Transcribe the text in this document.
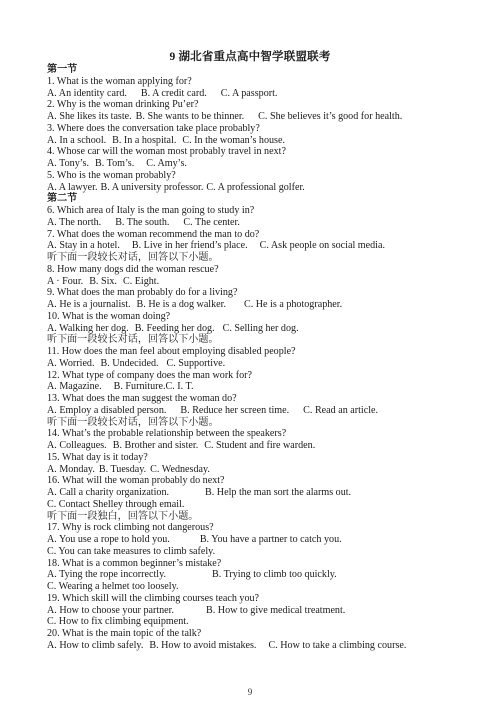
9 湖北省重点高中智学联盟联考
第一节
1. What is the woman applying for?
A. An identity card. B. A credit card. C. A passport.
2. Why is the woman drinking Pu’er?
A. She likes its taste. B. She wants to be thinner. C. She believes it’s good for health.
3. Where does the conversation take place probably?
A. In a school. B. In a hospital. C. In the woman’s house.
4. Whose car will the woman most probably travel in next?
A. Tony’s. B. Tom’s. C. Amy’s.
5. Who is the woman probably?
A. A lawyer. B. A university professor. C. A professional golfer.
第二节
6. Which area of Italy is the man going to study in?
A. The north. B. The south. C. The center.
7. What does the woman recommend the man to do?
A. Stay in a hotel. B. Live in her friend’s place. C. Ask people on social media.
听下面一段较长对话，回答以下小题。
8. How many dogs did the woman rescue?
A · Four. B. Six. C. Eight.
9. What does the man probably do for a living?
A. He is a journalist. B. He is a dog walker. C. He is a photographer.
10. What is the woman doing?
A. Walking her dog. B. Feeding her dog. C. Selling her dog.
听下面一段较长对话，回答以下小题。
11. How does the man feel about employing disabled people?
A. Worried. B. Undecided. C. Supportive.
12. What type of company does the man work for?
A. Magazine. B. Furniture.C. I. T.
13. What does the man suggest the woman do?
A. Employ a disabled person. B. Reduce her screen time. C. Read an article.
听下面一段较长对话，回答以下小题。
14. What’s the probable relationship between the speakers?
A. Colleagues. B. Brother and sister. C. Student and fire warden.
15. What day is it today?
A. Monday. B. Tuesday. C. Wednesday.
16. What will the woman probably do next?
A. Call a charity organization.	B. Help the man sort the alarms out.
C. Contact Shelley through email.
听下面一段独白，回答以下小题。
17. Why is rock climbing not dangerous?
A. You use a rope to hold you.	B. You have a partner to catch you.
C. You can take measures to climb safely.
18. What is a common beginner’s mistake?
A. Tying the rope incorrectly.	B. Trying to climb too quickly.
C. Wearing a helmet too loosely.
19. Which skill will the climbing courses teach you?
A. How to choose your partner.	B. How to give medical treatment.
C. How to fix climbing equipment.
20. What is the main topic of the talk?
A. How to climb safely. B. How to avoid mistakes. C. How to take a climbing course.
9
